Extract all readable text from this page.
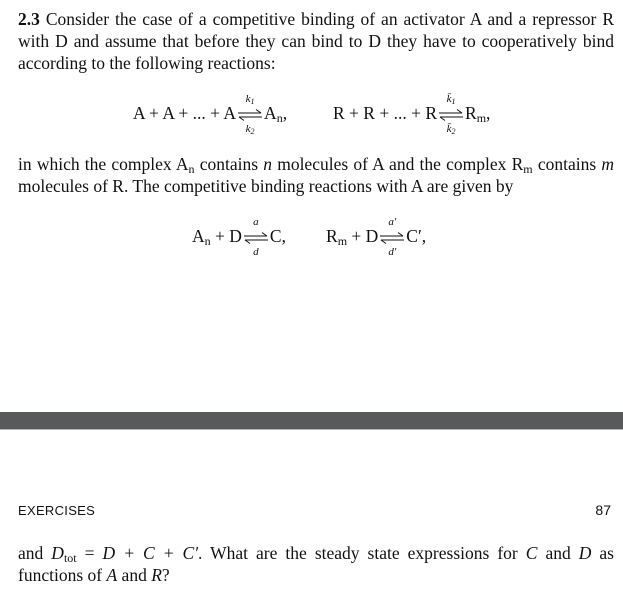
2.3 Consider the case of a competitive binding of an activator A and a repressor R with D and assume that before they can bind to D they have to cooperatively bind according to the following reactions:
A + A + ... + A
$k_1$
$k_2$
$A_n$,	R + R + ... + R
$k̄_1$
$k̄_2$
$R_m$,
in which the complex $A_n$ contains n molecules of A and the complex $R_m$ contains m molecules of R. The competitive binding reactions with A are given by
$A_n + D$
a
d
C, $R_m + D$
a′
d′
C′,
EXERCISES	87
and $D_{tot} = D + C + C'$. What are the steady state expressions for C and D as functions of A and R?
